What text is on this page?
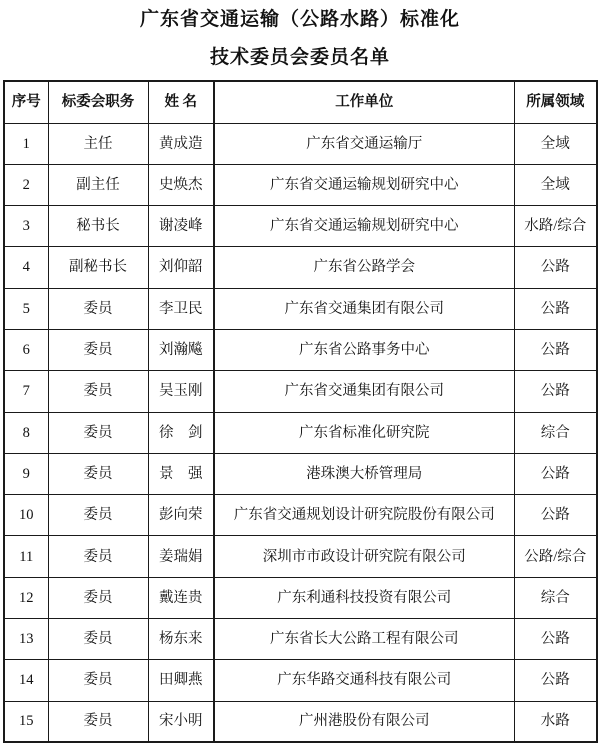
广东省交通运输（公路水路）标准化
技术委员会委员名单
序号	标委会职务	姓 名	工作单位	所属领域
1	主任	黄成造	广东省交通运输厅	全域
2	副主任	史焕杰	广东省交通运输规划研究中心	全域
3	秘书长	谢凌峰	广东省交通运输规划研究中心	水路/综合
4	副秘书长	刘仰韶	广东省公路学会	公路
5	委员	李卫民	广东省交通集团有限公司	公路
6	委员	刘瀚飚	广东省公路事务中心	公路
7	委员	吴玉刚	广东省交通集团有限公司	公路
8	委员	徐　剑	广东省标准化研究院	综合
9	委员	景　强	港珠澳大桥管理局	公路
10	委员	彭向荣	广东省交通规划设计研究院股份有限公司	公路
11	委员	姜瑞娟	深圳市市政设计研究院有限公司	公路/综合
12	委员	戴连贵	广东利通科技投资有限公司	综合
13	委员	杨东来	广东省长大公路工程有限公司	公路
14	委员	田卿燕	广东华路交通科技有限公司	公路
15	委员	宋小明	广州港股份有限公司	水路
